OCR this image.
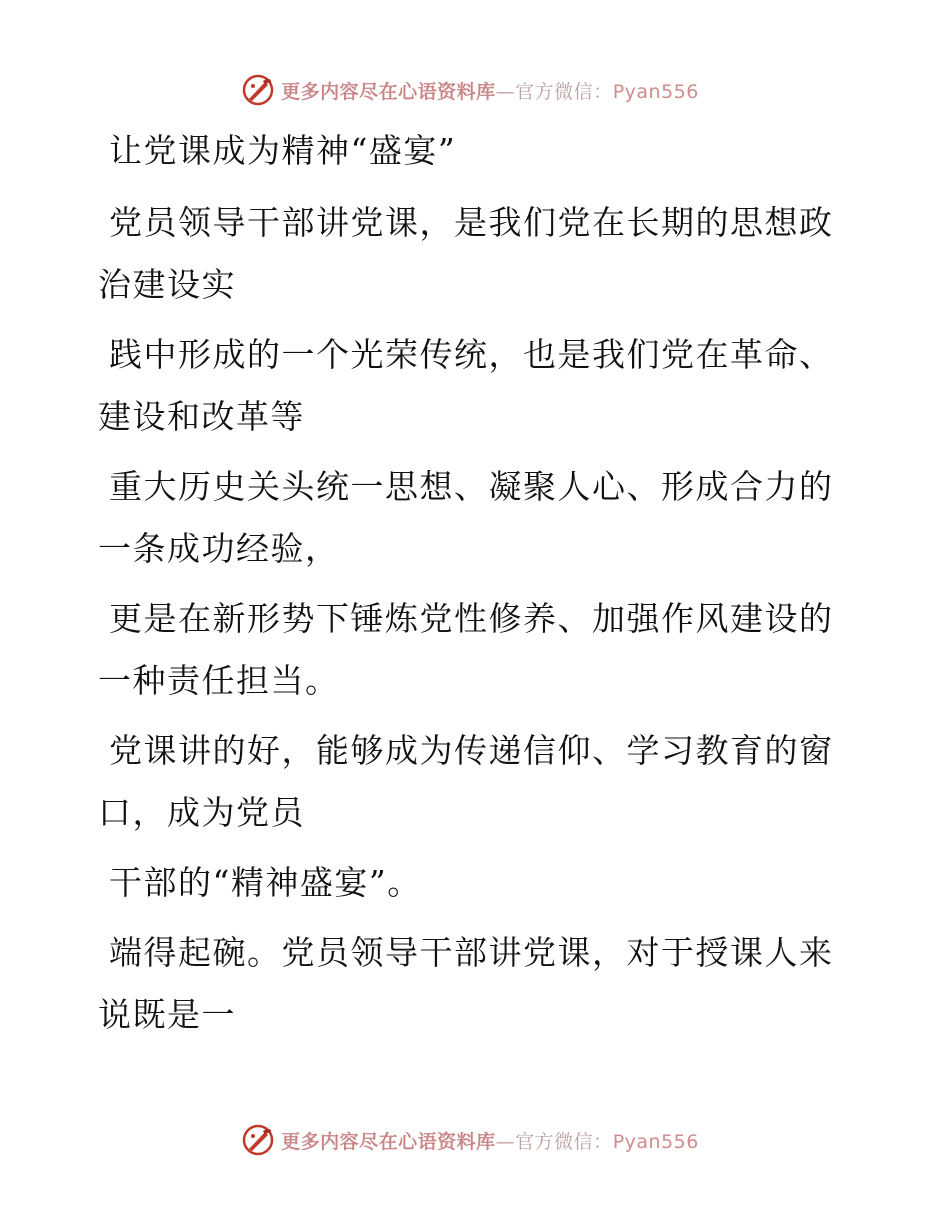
更多内容尽在心语资料库—官方微信：Pyan556

让党课成为精神“盛宴”

党员领导干部讲党课，是我们党在长期的思想政治建设实

践中形成的一个光荣传统，也是我们党在革命、建设和改革等

重大历史关头统一思想、凝聚人心、形成合力的一条成功经验，

更是在新形势下锤炼党性修养、加强作风建设的一种责任担当。

党课讲的好，能够成为传递信仰、学习教育的窗口，成为党员

干部的“精神盛宴”。

端得起碗。党员领导干部讲党课，对于授课人来说既是一

更多内容尽在心语资料库—官方微信：Pyan556
